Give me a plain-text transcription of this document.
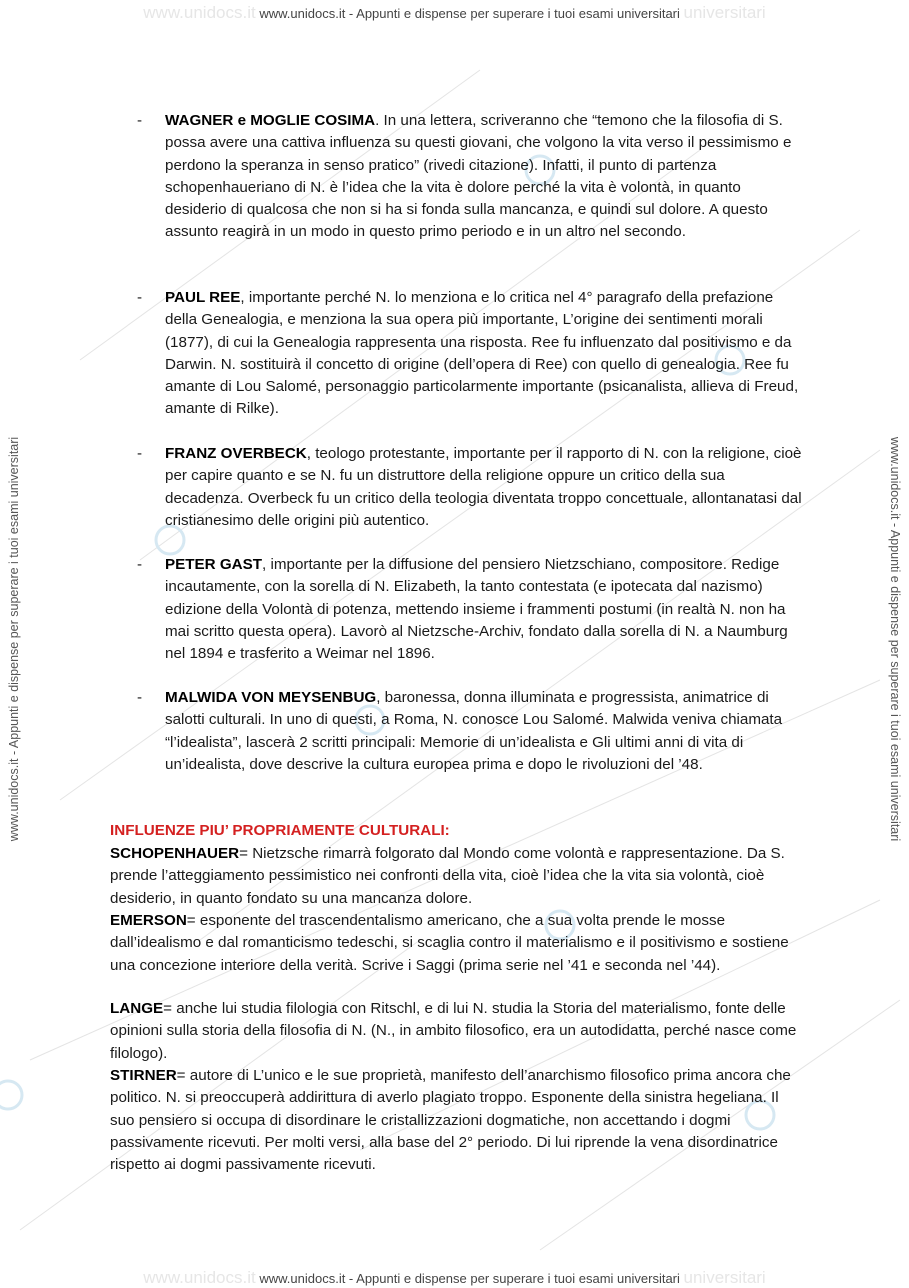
www.unidocs.it www.unidocs.it - Appunti e dispense per superare i tuoi esami universitari universitari
www.unidocs.it www.unidocs.it - Appunti e dispense per superare i tuoi esami universitari universitari
www.unidocs.it - Appunti e dispense per superare i tuoi esami universitari	www.unidocs.it - Appunti e dispense per superare i tuoi esami universitari
- WAGNER e MOGLIE COSIMA. In una lettera, scriveranno che “temono che la filosofia di S. possa avere una cattiva influenza su questi giovani, che volgono la vita verso il pessimismo e perdono la speranza in senso pratico” (rivedi citazione). Infatti, il punto di partenza schopenhaueriano di N. è l’idea che la vita è dolore perché la vita è volontà, in quanto desiderio di qualcosa che non si ha si fonda sulla mancanza, e quindi sul dolore. A questo assunto reagirà in un modo in questo primo periodo e in un altro nel secondo.
- PAUL REE, importante perché N. lo menziona e lo critica nel 4° paragrafo della prefazione della Genealogia, e menziona la sua opera più importante, L’origine dei sentimenti morali (1877), di cui la Genealogia rappresenta una risposta. Ree fu influenzato dal positivismo e da Darwin. N. sostituirà il concetto di origine (dell’opera di Ree) con quello di genealogia. Ree fu amante di Lou Salomé, personaggio particolarmente importante (psicanalista, allieva di Freud, amante di Rilke).
- FRANZ OVERBECK, teologo protestante, importante per il rapporto di N. con la religione, cioè per capire quanto e se N. fu un distruttore della religione oppure un critico della sua decadenza. Overbeck fu un critico della teologia diventata troppo concettuale, allontanatasi dal cristianesimo delle origini più autentico.
- PETER GAST, importante per la diffusione del pensiero Nietzschiano, compositore. Redige incautamente, con la sorella di N. Elizabeth, la tanto contestata (e ipotecata dal nazismo) edizione della Volontà di potenza, mettendo insieme i frammenti postumi (in realtà N. non ha mai scritto questa opera). Lavorò al Nietzsche-Archiv, fondato dalla sorella di N. a Naumburg nel 1894 e trasferito a Weimar nel 1896.
- MALWIDA VON MEYSENBUG, baronessa, donna illuminata e progressista, animatrice di salotti culturali. In uno di questi, a Roma, N. conosce Lou Salomé. Malwida veniva chiamata “l’idealista”, lascerà 2 scritti principali: Memorie di un’idealista e Gli ultimi anni di vita di un’idealista, dove descrive la cultura europea prima e dopo le rivoluzioni del ’48.
INFLUENZE PIU’ PROPRIAMENTE CULTURALI:
SCHOPENHAUER= Nietzsche rimarrà folgorato dal Mondo come volontà e rappresentazione. Da S. prende l’atteggiamento pessimistico nei confronti della vita, cioè l’idea che la vita sia volontà, cioè desiderio, in quanto fondato su una mancanza dolore.
EMERSON= esponente del trascendentalismo americano, che a sua volta prende le mosse dall’idealismo e dal romanticismo tedeschi, si scaglia contro il materialismo e il positivismo e sostiene una concezione interiore della verità. Scrive i Saggi (prima serie nel ’41 e seconda nel ’44).
LANGE= anche lui studia filologia con Ritschl, e di lui N. studia la Storia del materialismo, fonte delle opinioni sulla storia della filosofia di N. (N., in ambito filosofico, era un autodidatta, perché nasce come filologo).
STIRNER= autore di L’unico e le sue proprietà, manifesto dell’anarchismo filosofico prima ancora che politico. N. si preoccuperà addirittura di averlo plagiato troppo. Esponente della sinistra hegeliana. Il suo pensiero si occupa di disordinare le cristallizzazioni dogmatiche, non accettando i dogmi passivamente ricevuti. Per molti versi, alla base del 2° periodo. Di lui riprende la vena disordinatrice rispetto ai dogmi passivamente ricevuti.
